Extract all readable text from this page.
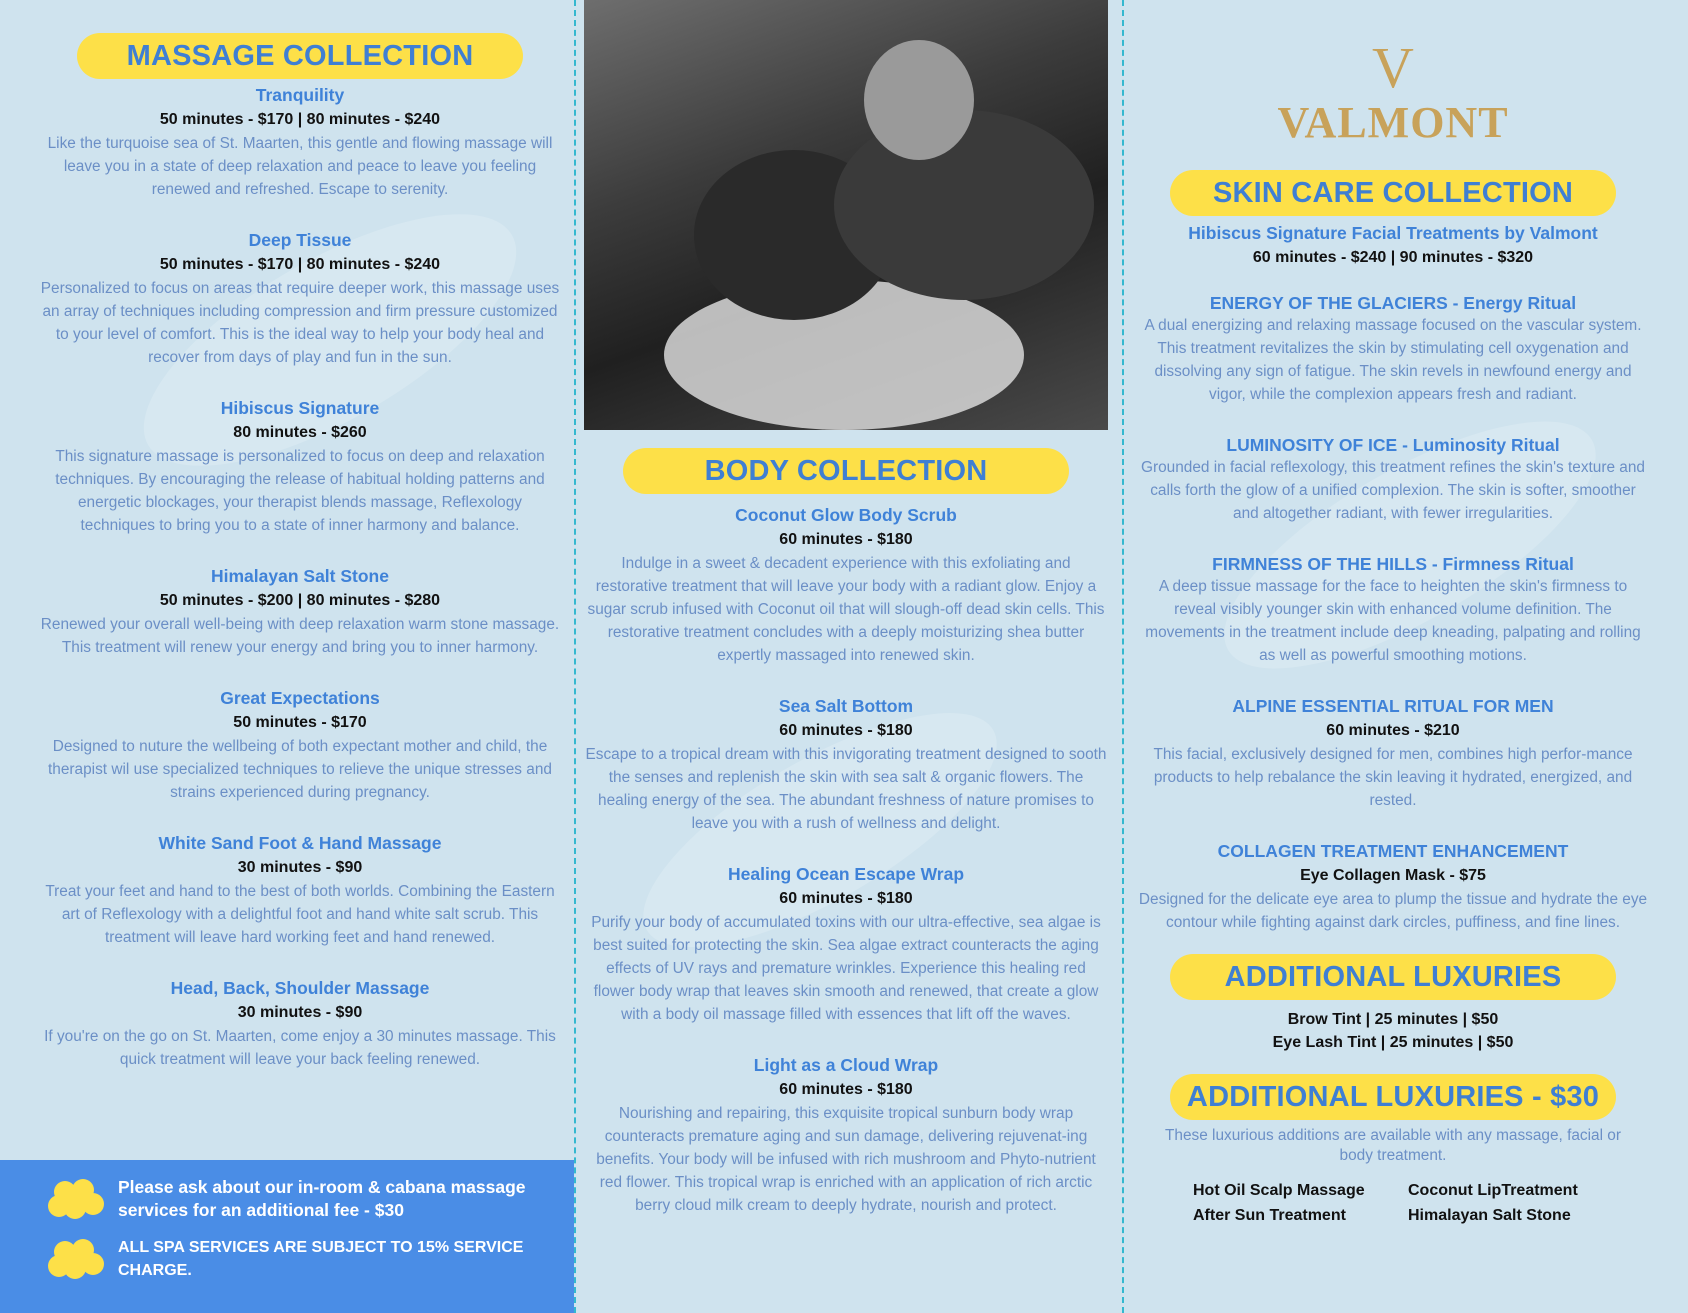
MASSAGE COLLECTION

Tranquility

50 minutes - $170 | 80 minutes - $240

Like the turquoise sea of St. Maarten, this gentle and flowing massage will leave you in a state of deep relaxation and peace to leave you feeling renewed and refreshed. Escape to serenity.

Deep Tissue

50 minutes - $170 | 80 minutes - $240

Personalized to focus on areas that require deeper work, this massage uses an array of techniques including compression and firm pressure customized to your level of comfort. This is the ideal way to help your body heal and recover from days of play and fun in the sun.

Hibiscus Signature

80 minutes - $260

This signature massage is personalized to focus on deep and relaxation techniques. By encouraging the release of habitual holding patterns and energetic blockages, your therapist blends massage, Reflexology techniques to bring you to a state of inner harmony and balance.

Himalayan Salt Stone

50 minutes - $200 | 80 minutes - $280

Renewed your overall well-being with deep relaxation warm stone massage. This treatment will renew your energy and bring you to inner harmony.

Great Expectations

50 minutes - $170

Designed to nuture the wellbeing of both expectant mother and child, the therapist wil use specialized techniques to relieve the unique stresses and strains experienced during pregnancy.

White Sand Foot & Hand Massage

30 minutes - $90

Treat your feet and hand to the best of both worlds. Combining the Eastern art of Reflexology with a delightful foot and hand white salt scrub. This treatment will leave hard working feet and hand renewed.

Head, Back, Shoulder Massage

30 minutes - $90

If you're on the go on St. Maarten, come enjoy a 30 minutes massage. This quick treatment will leave your back feeling renewed.

Please ask about our in-room & cabana massage services for an additional fee - $30
ALL SPA SERVICES ARE SUBJECT TO 15% SERVICE CHARGE.
BODY COLLECTION

Coconut Glow Body Scrub

60 minutes - $180

Indulge in a sweet & decadent experience with this exfoliating and restorative treatment that will leave your body with a radiant glow. Enjoy a sugar scrub infused with Coconut oil that will slough-off dead skin cells. This restorative treatment concludes with a deeply moisturizing shea butter expertly massaged into renewed skin.

Sea Salt Bottom

60 minutes - $180

Escape to a tropical dream with this invigorating treatment designed to sooth the senses and replenish the skin with sea salt & organic flowers. The healing energy of the sea. The abundant freshness of nature promises to leave you with a rush of wellness and delight.

Healing Ocean Escape Wrap

60 minutes - $180

Purify your body of accumulated toxins with our ultra-effective, sea algae is best suited for protecting the skin. Sea algae extract counteracts the aging effects of UV rays and premature wrinkles. Experience this healing red flower body wrap that leaves skin smooth and renewed, that create a glow with a body oil massage filled with essences that lift off the waves.

Light as a Cloud Wrap

60 minutes - $180

Nourishing and repairing, this exquisite tropical sunburn body wrap counteracts premature aging and sun damage, delivering rejuvenat-ing benefits. Your body will be infused with rich mushroom and Phyto-nutrient red flower. This tropical wrap is enriched with an application of rich arctic berry cloud milk cream to deeply hydrate, nourish and protect.

V
VALMONT
SKIN CARE COLLECTION

Hibiscus Signature Facial Treatments by Valmont

60 minutes - $240 | 90 minutes - $320

ENERGY OF THE GLACIERS - Energy Ritual

A dual energizing and relaxing massage focused on the vascular system. This treatment revitalizes the skin by stimulating cell oxygenation and dissolving any sign of fatigue. The skin revels in newfound energy and vigor, while the complexion appears fresh and radiant.

LUMINOSITY OF ICE - Luminosity Ritual

Grounded in facial reflexology, this treatment refines the skin's texture and calls forth the glow of a unified complexion. The skin is softer, smoother and altogether radiant, with fewer irregularities.

FIRMNESS OF THE HILLS - Firmness Ritual

A deep tissue massage for the face to heighten the skin's firmness to reveal visibly younger skin with enhanced volume definition. The movements in the treatment include deep kneading, palpating and rolling as well as powerful smoothing motions.

ALPINE ESSENTIAL RITUAL FOR MEN

60 minutes - $210

This facial, exclusively designed for men, combines high perfor-mance products to help rebalance the skin leaving it hydrated, energized, and rested.

COLLAGEN TREATMENT ENHANCEMENT

Eye Collagen Mask - $75

Designed for the delicate eye area to plump the tissue and hydrate the eye contour while fighting against dark circles, puffiness, and fine lines.

ADDITIONAL LUXURIES
Brow Tint | 25 minutes | $50
Eye Lash Tint | 25 minutes | $50
ADDITIONAL LUXURIES - $30

These luxurious additions are available with any massage, facial or body treatment.

Hot Oil Scalp Massage	Coconut LipTreatment
After Sun Treatment	Himalayan Salt Stone
